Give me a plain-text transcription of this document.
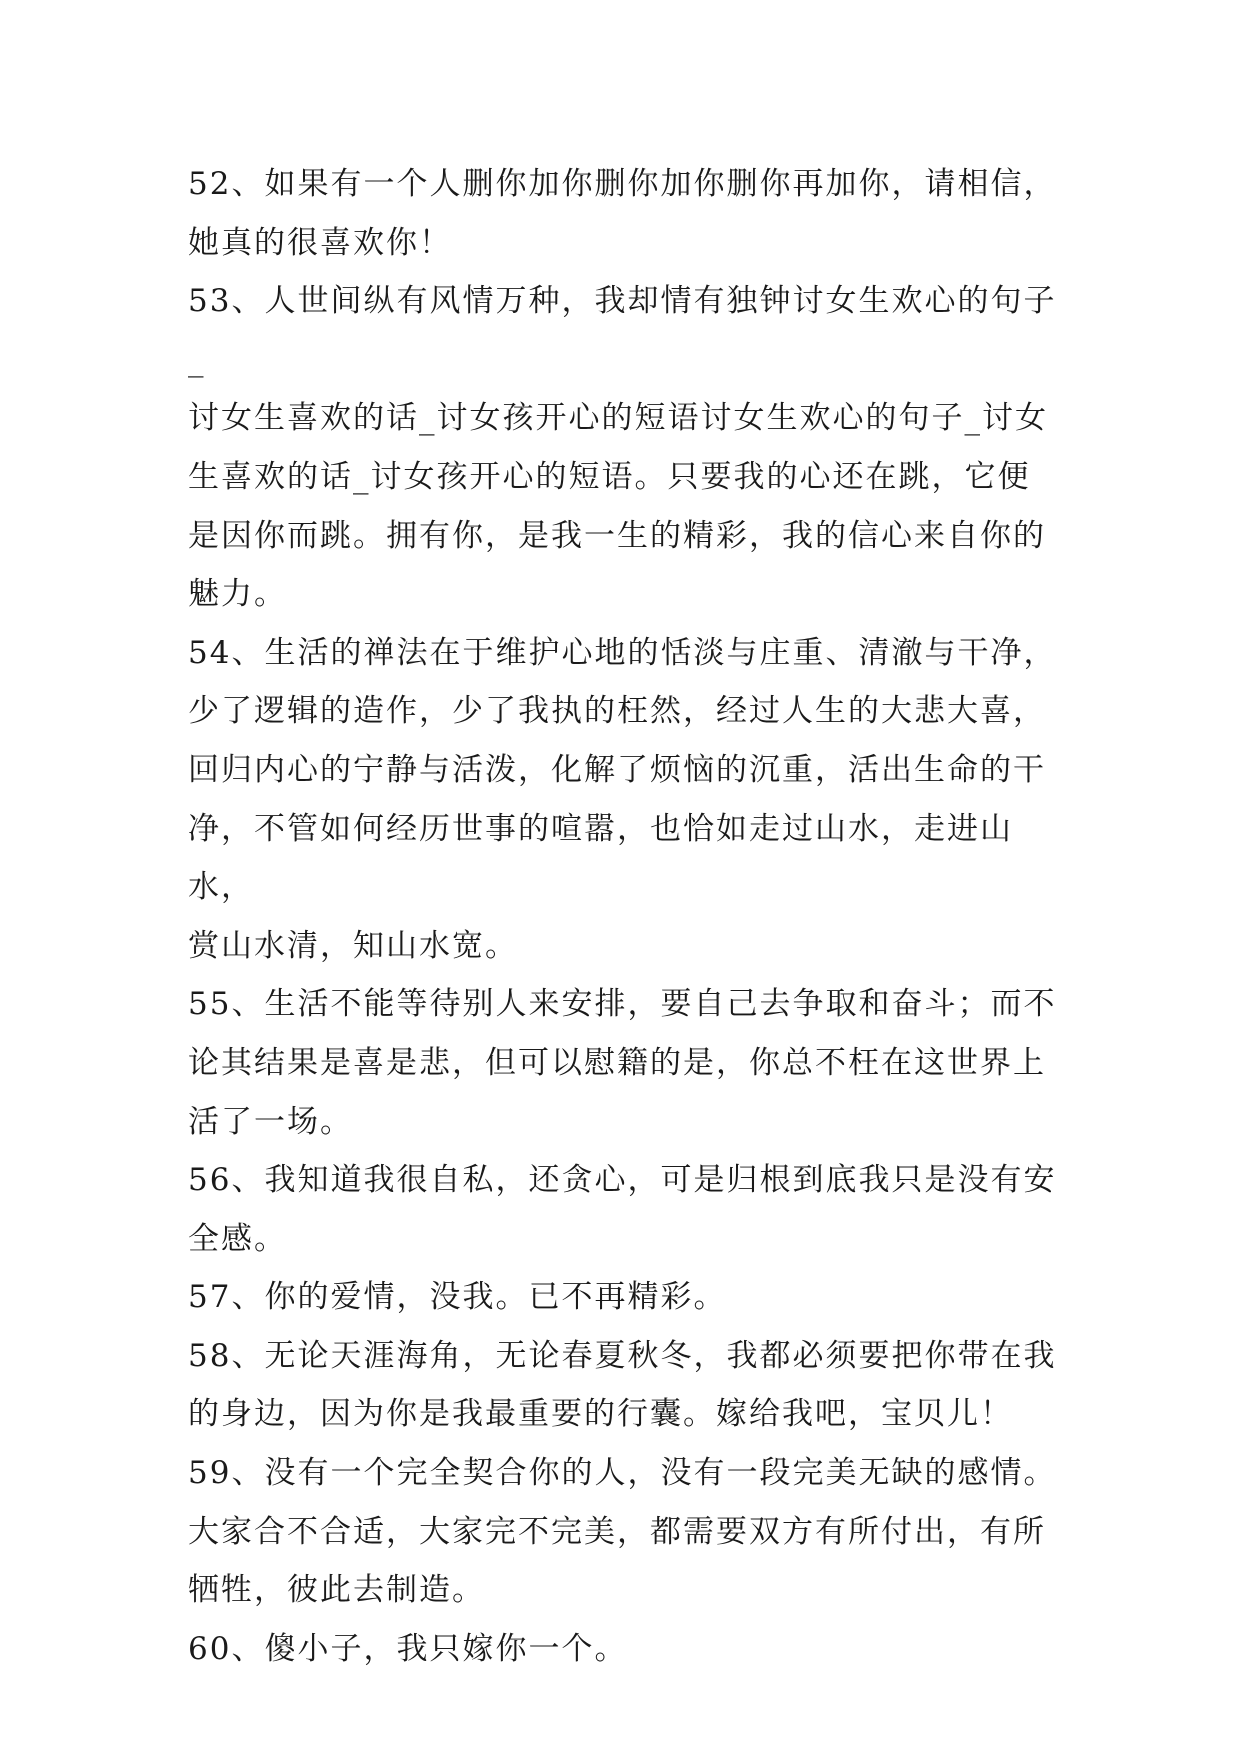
52、如果有一个人删你加你删你加你删你再加你，请相信，
她真的很喜欢你！

53、人世间纵有风情万种，我却情有独钟讨女生欢心的句子_
讨女生喜欢的话_讨女孩开心的短语讨女生欢心的句子_讨女
生喜欢的话_讨女孩开心的短语。只要我的心还在跳，它便
是因你而跳。拥有你，是我一生的精彩，我的信心来自你的
魅力。

54、生活的禅法在于维护心地的恬淡与庄重、清澈与干净，
少了逻辑的造作，少了我执的枉然，经过人生的大悲大喜，
回归内心的宁静与活泼，化解了烦恼的沉重，活出生命的干
净，不管如何经历世事的喧嚣，也恰如走过山水，走进山水，
赏山水清，知山水宽。

55、生活不能等待别人来安排，要自己去争取和奋斗；而不
论其结果是喜是悲，但可以慰籍的是，你总不枉在这世界上
活了一场。

56、我知道我很自私，还贪心，可是归根到底我只是没有安
全感。

57、你的爱情，没我。已不再精彩。

58、无论天涯海角，无论春夏秋冬，我都必须要把你带在我
的身边，因为你是我最重要的行囊。嫁给我吧，宝贝儿！

59、没有一个完全契合你的人，没有一段完美无缺的感情。
大家合不合适，大家完不完美，都需要双方有所付出，有所
牺牲，彼此去制造。

60、傻小子，我只嫁你一个。
